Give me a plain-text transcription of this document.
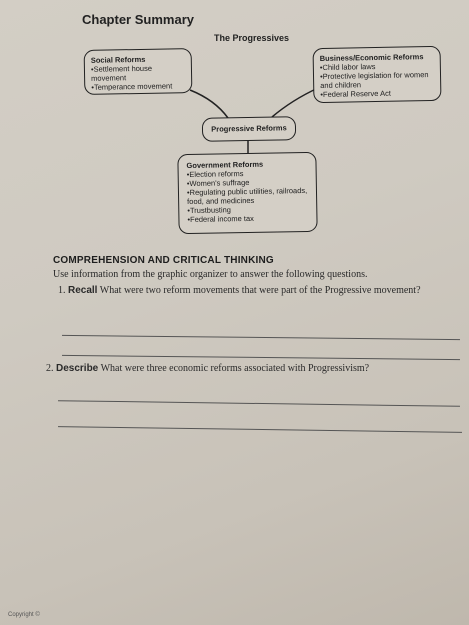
Chapter Summary
The Progressives
Social Reforms
• Settlement house movement
• Temperance movement
Business/Economic Reforms
• Child labor laws
• Protective legislation for women and children
• Federal Reserve Act
Progressive Reforms
Government Reforms
• Election reforms
• Women's suffrage
• Regulating public utilities, railroads, food, and medicines
• Trustbusting
• Federal income tax
COMPREHENSION AND CRITICAL THINKING
Use information from the graphic organizer to answer the following questions.
1. Recall What were two reform movements that were part of the Progressive movement?
2. Describe What were three economic reforms associated with Progressivism?
Copyright ©
